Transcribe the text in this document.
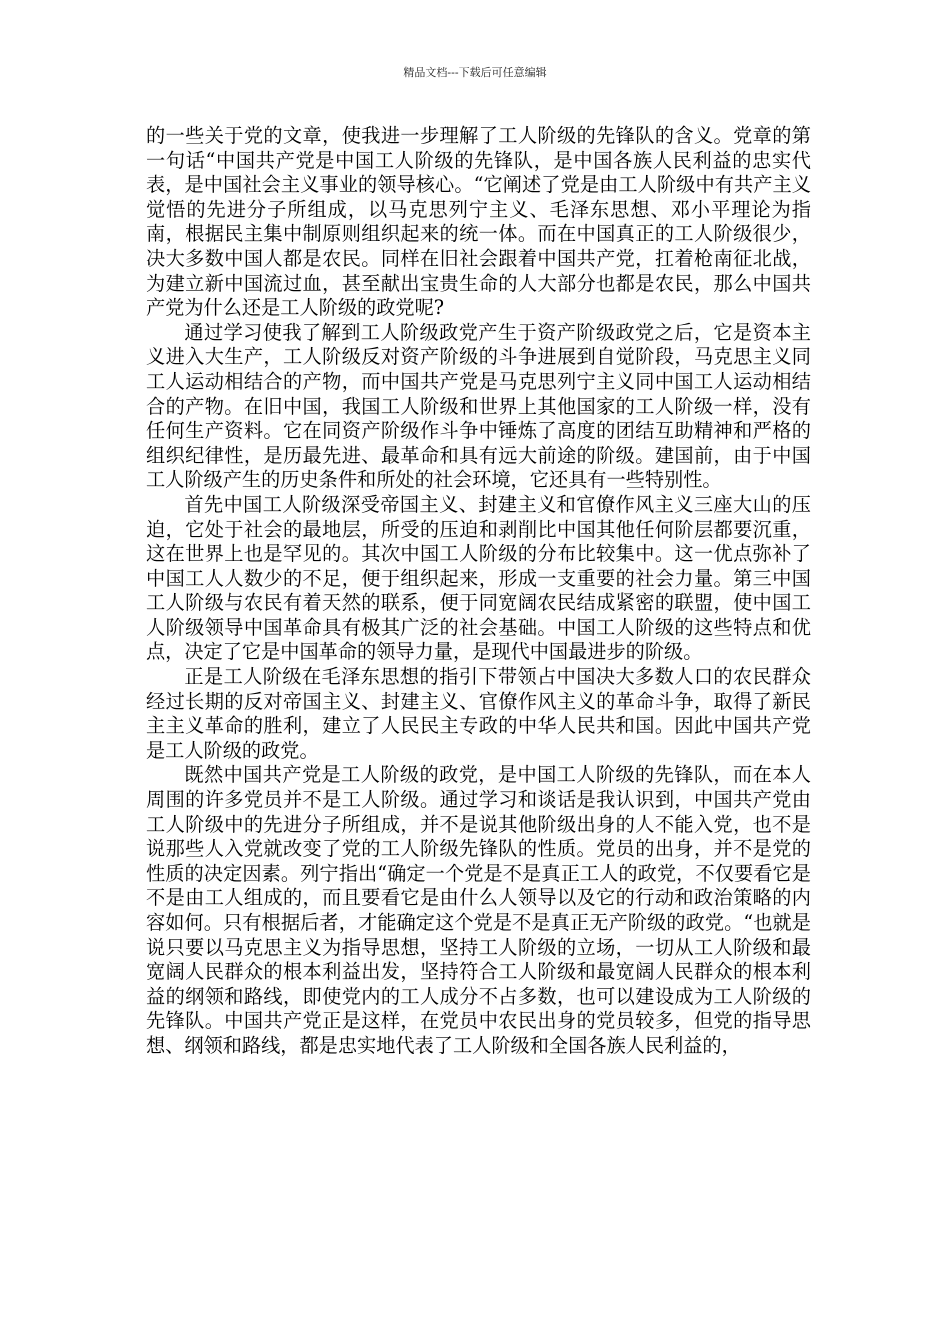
精品文档---下载后可任意编辑

的一些关于党的文章，使我进一步理解了工人阶级的先锋队的含义。党章的第一句话“中国共产党是中国工人阶级的先锋队，是中国各族人民利益的忠实代表，是中国社会主义事业的领导核心。“它阐述了党是由工人阶级中有共产主义觉悟的先进分子所组成，以马克思列宁主义、毛泽东思想、邓小平理论为指南，根据民主集中制原则组织起来的统一体。而在中国真正的工人阶级很少，决大多数中国人都是农民。同样在旧社会跟着中国共产党，扛着枪南征北战，为建立新中国流过血，甚至献出宝贵生命的人大部分也都是农民，那么中国共产党为什么还是工人阶级的政党呢?

通过学习使我了解到工人阶级政党产生于资产阶级政党之后，它是资本主义进入大生产，工人阶级反对资产阶级的斗争进展到自觉阶段，马克思主义同工人运动相结合的产物，而中国共产党是马克思列宁主义同中国工人运动相结合的产物。在旧中国，我国工人阶级和世界上其他国家的工人阶级一样，没有任何生产资料。它在同资产阶级作斗争中锤炼了高度的团结互助精神和严格的组织纪律性，是历最先进、最革命和具有远大前途的阶级。建国前，由于中国工人阶级产生的历史条件和所处的社会环境，它还具有一些特别性。

首先中国工人阶级深受帝国主义、封建主义和官僚作风主义三座大山的压迫，它处于社会的最地层，所受的压迫和剥削比中国其他任何阶层都要沉重，这在世界上也是罕见的。其次中国工人阶级的分布比较集中。这一优点弥补了中国工人人数少的不足，便于组织起来，形成一支重要的社会力量。第三中国工人阶级与农民有着天然的联系，便于同宽阔农民结成紧密的联盟，使中国工人阶级领导中国革命具有极其广泛的社会基础。中国工人阶级的这些特点和优点，决定了它是中国革命的领导力量，是现代中国最进步的阶级。

正是工人阶级在毛泽东思想的指引下带领占中国决大多数人口的农民群众经过长期的反对帝国主义、封建主义、官僚作风主义的革命斗争，取得了新民主主义革命的胜利，建立了人民民主专政的中华人民共和国。因此中国共产党是工人阶级的政党。

既然中国共产党是工人阶级的政党，是中国工人阶级的先锋队，而在本人周围的许多党员并不是工人阶级。通过学习和谈话是我认识到，中国共产党由工人阶级中的先进分子所组成，并不是说其他阶级出身的人不能入党，也不是说那些人入党就改变了党的工人阶级先锋队的性质。党员的出身，并不是党的性质的决定因素。列宁指出“确定一个党是不是真正工人的政党，不仅要看它是不是由工人组成的，而且要看它是由什么人领导以及它的行动和政治策略的内容如何。只有根据后者，才能确定这个党是不是真正无产阶级的政党。“也就是说只要以马克思主义为指导思想，坚持工人阶级的立场，一切从工人阶级和最宽阔人民群众的根本利益出发，坚持符合工人阶级和最宽阔人民群众的根本利益的纲领和路线，即使党内的工人成分不占多数，也可以建设成为工人阶级的先锋队。中国共产党正是这样，在党员中农民出身的党员较多，但党的指导思想、纲领和路线，都是忠实地代表了工人阶级和全国各族人民利益的，
